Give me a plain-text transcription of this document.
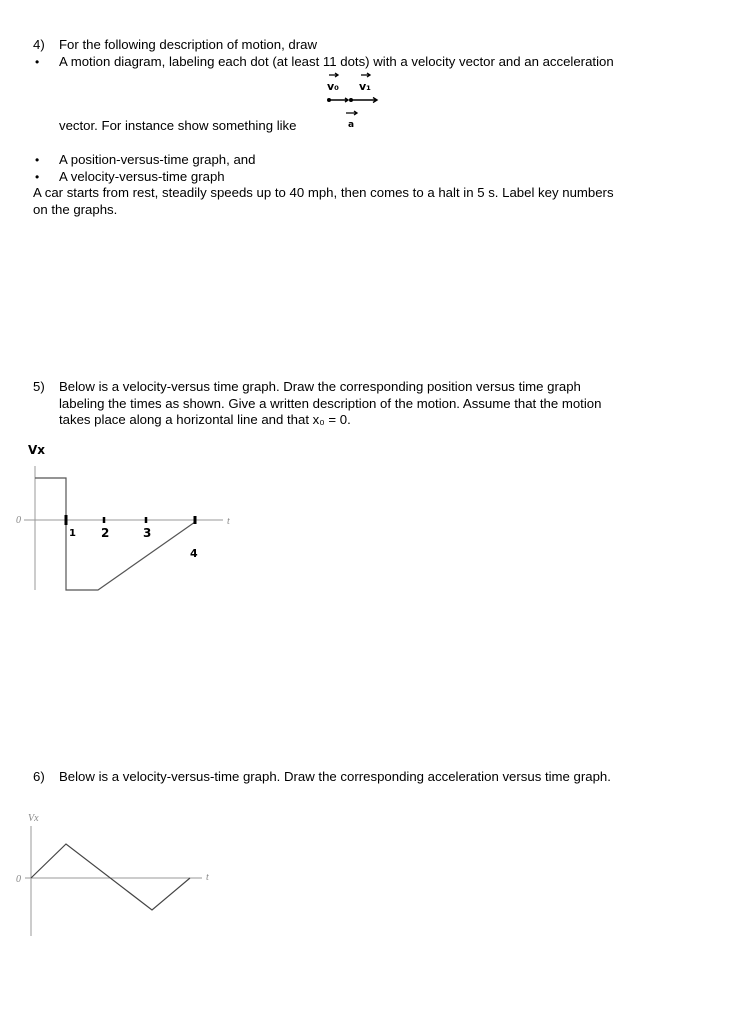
4) For the following description of motion, draw
• A motion diagram, labeling each dot (at least 11 dots) with a velocity vector and an acceleration
v₀ v₁
a
vector. For instance show something like
• A position-versus-time graph, and
• A velocity-versus-time graph
A car starts from rest, steadily speeds up to 40 mph, then comes to a halt in 5 s. Label key numbers
on the graphs.
5) Below is a velocity-versus time graph. Draw the corresponding position versus time graph
labeling the times as shown. Give a written description of the motion. Assume that the motion
takes place along a horizontal line and that x₀ = 0.
Vx
0	t
1 2	3
4
6) Below is a velocity-versus-time graph. Draw the corresponding acceleration versus time graph.
Vx
0	t
